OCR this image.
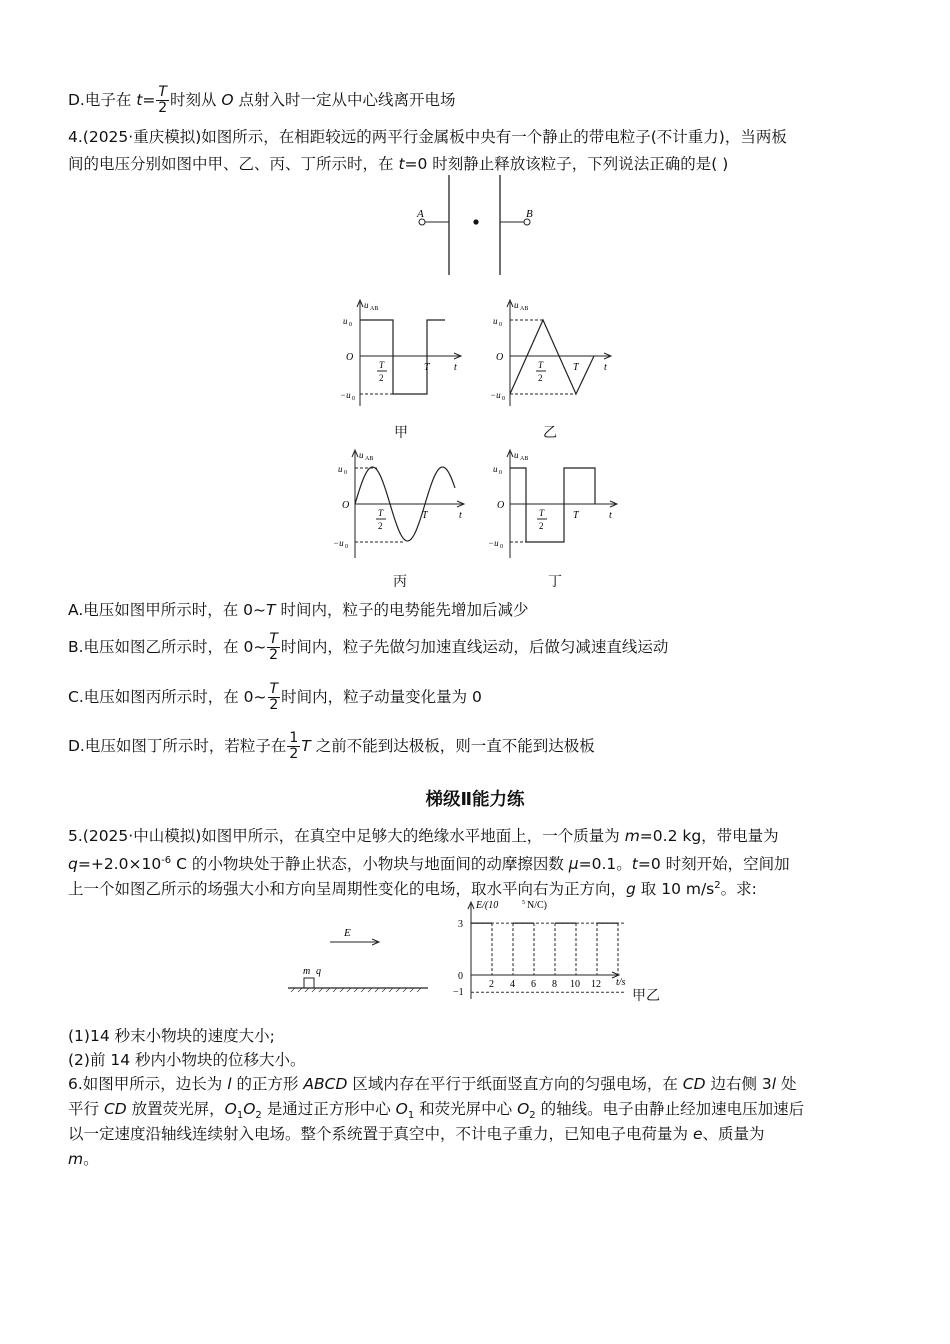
D.电子在 $t= \frac{T}{2}$ 时刻从 O 点射入时一定从中心线离开电场
4.(2025·重庆模拟)如图所示，在相距较远的两平行金属板中央有一个静止的带电粒子(不计重力)，当两板
间的电压分别如图中甲、乙、丙、丁所示时，在 t=0 时刻静止释放该粒子，下列说法正确的是( )
A	B
u AB
u 0
−u 0
O
t
T
T
2
甲
u AB
u 0
−u 0
O
t
T
T
2
乙
u AB
u 0
−u 0
O
t
T
T
2
丙
u AB
u 0
−u 0
O
t
T
T
2
丁
A.电压如图甲所示时，在 0~T 时间内，粒子的电势能先增加后减少
B.电压如图乙所示时，在 0~ $\frac{T}{2}$ 时间内，粒子先做匀加速直线运动，后做匀减速直线运动
C.电压如图丙所示时，在 0~ $\frac{T}{2}$ 时间内，粒子动量变化量为 0
D.电压如图丁所示时，若粒子在 $\frac{1}{2}$ T 之前不能到达极板，则一直不能到达极板
梯级Ⅱ能力练
5.(2025·中山模拟)如图甲所示，在真空中足够大的绝缘水平地面上，一个质量为 m=0.2 kg，带电量为
$q=+2.0\times 10^{-6}$ C 的小物块处于静止状态，小物块与地面间的动摩擦因数 μ=0.1。t=0 时刻开始，空间加
上一个如图乙所示的场强大小和方向呈周期性变化的电场，取水平向右为正方向，g 取 10 $m/s^2$。求:
E
m q
E/(10	5 N/C)
3
0
−1
t/s
2 4 6 8 10 12
甲乙
(1)14 秒末小物块的速度大小;
(2)前 14 秒内小物块的位移大小。
6.如图甲所示，边长为 l 的正方形 ABCD 区域内存在平行于纸面竖直方向的匀强电场，在 CD 边右侧 3l 处
平行 CD 放置荧光屏，$O_1O_2$ 是通过正方形中心 $O_1$ 和荧光屏中心 $O_2$ 的轴线。电子由静止经加速电压加速后
以一定速度沿轴线连续射入电场。整个系统置于真空中，不计电子重力，已知电子电荷量为 e、质量为
m。
